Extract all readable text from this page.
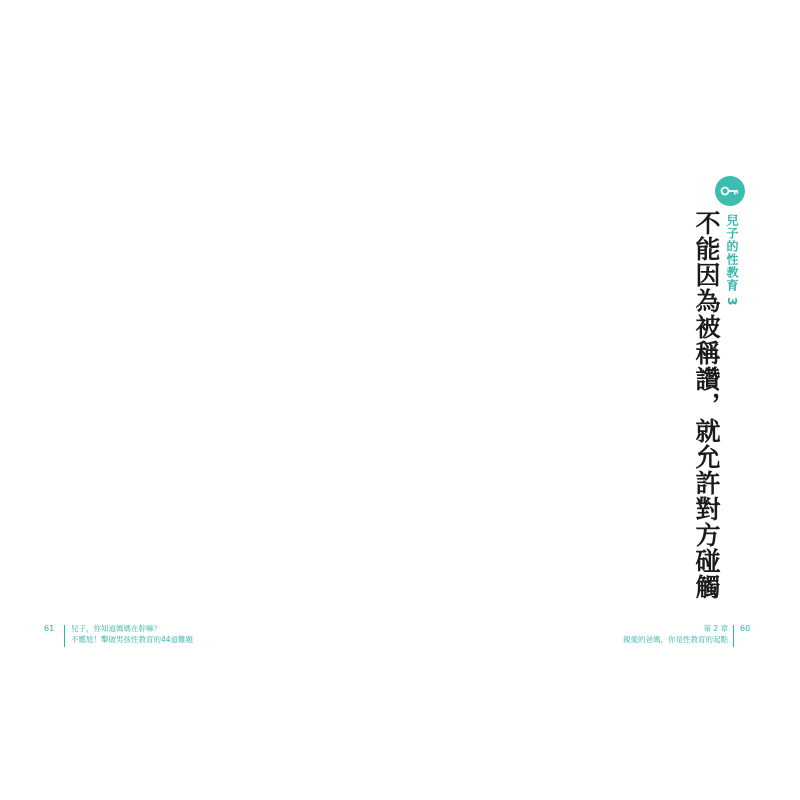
兒子的性教育 3
不能因為被稱讚，就允許對方碰觸
61 兒子，你知道媽媽在幹嘛？
不尷尬！擊破男孩性教育的44道難題
第 2 章
親愛的爸媽，你是性教育的起點
60
